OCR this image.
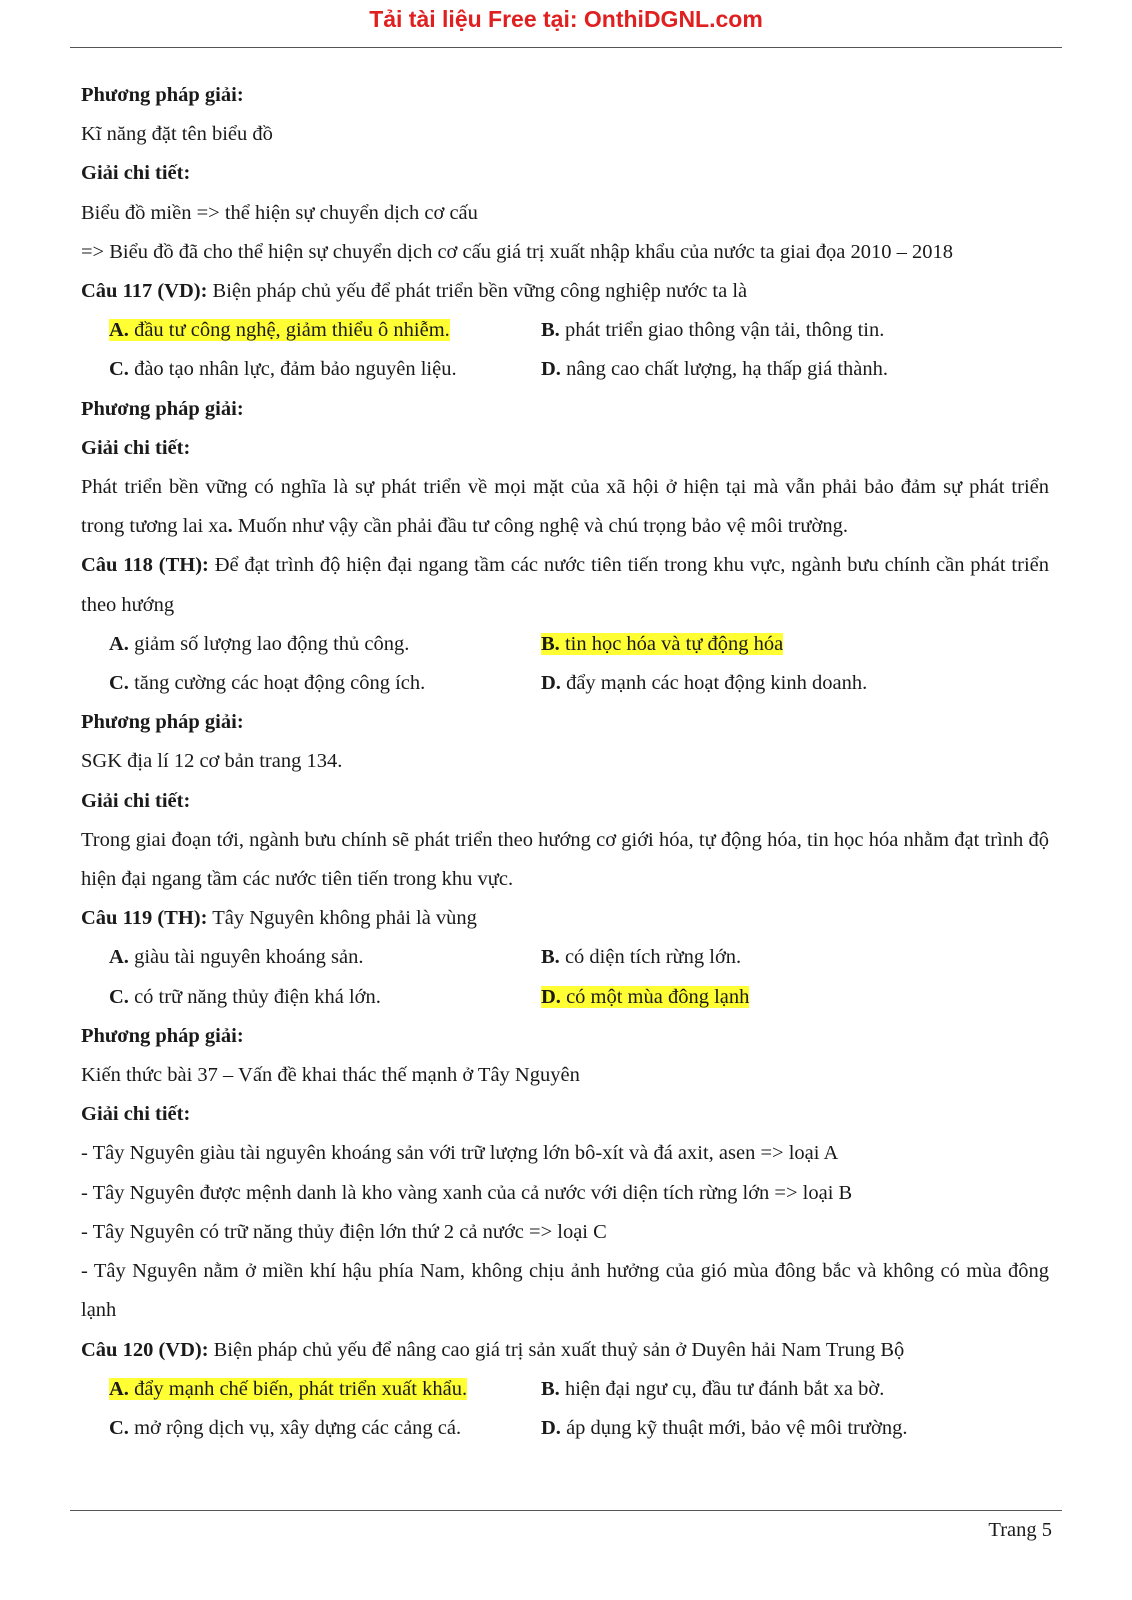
Tải tài liệu Free tại: OnthiDGNL.com
Phương pháp giải:
Kĩ năng đặt tên biểu đồ
Giải chi tiết:
Biểu đồ miền => thể hiện sự chuyển dịch cơ cấu
=> Biểu đồ đã cho thể hiện sự chuyển dịch cơ cấu giá trị xuất nhập khẩu của nước ta giai đọa 2010 – 2018
Câu 117 (VD): Biện pháp chủ yếu để phát triển bền vững công nghiệp nước ta là
A. đầu tư công nghệ, giảm thiểu ô nhiễm.	B. phát triển giao thông vận tải, thông tin.
C. đào tạo nhân lực, đảm bảo nguyên liệu.	D. nâng cao chất lượng, hạ thấp giá thành.
Phương pháp giải:
Giải chi tiết:
Phát triển bền vững có nghĩa là sự phát triển về mọi mặt của xã hội ở hiện tại mà vẫn phải bảo đảm sự phát triển trong tương lai xa. Muốn như vậy cần phải đầu tư công nghệ và chú trọng bảo vệ môi trường.
Câu 118 (TH): Để đạt trình độ hiện đại ngang tầm các nước tiên tiến trong khu vực, ngành bưu chính cần phát triển theo hướng
A. giảm số lượng lao động thủ công.	B. tin học hóa và tự động hóa
C. tăng cường các hoạt động công ích.	D. đẩy mạnh các hoạt động kinh doanh.
Phương pháp giải:
SGK địa lí 12 cơ bản trang 134.
Giải chi tiết:
Trong giai đoạn tới, ngành bưu chính sẽ phát triển theo hướng cơ giới hóa, tự động hóa, tin học hóa nhằm đạt trình độ hiện đại ngang tầm các nước tiên tiến trong khu vực.
Câu 119 (TH): Tây Nguyên không phải là vùng
A. giàu tài nguyên khoáng sản.	B. có diện tích rừng lớn.
C. có trữ năng thủy điện khá lớn.	D. có một mùa đông lạnh
Phương pháp giải:
Kiến thức bài 37 – Vấn đề khai thác thế mạnh ở Tây Nguyên
Giải chi tiết:
- Tây Nguyên giàu tài nguyên khoáng sản với trữ lượng lớn bô-xít và đá axit, asen => loại A
- Tây Nguyên được mệnh danh là kho vàng xanh của cả nước với diện tích rừng lớn => loại B
- Tây Nguyên có trữ năng thủy điện lớn thứ 2 cả nước => loại C
- Tây Nguyên nằm ở miền khí hậu phía Nam, không chịu ảnh hưởng của gió mùa đông bắc và không có mùa đông lạnh
Câu 120 (VD): Biện pháp chủ yếu để nâng cao giá trị sản xuất thuỷ sản ở Duyên hải Nam Trung Bộ
A. đẩy mạnh chế biến, phát triển xuất khẩu.	B. hiện đại ngư cụ, đầu tư đánh bắt xa bờ.
C. mở rộng dịch vụ, xây dựng các cảng cá.	D. áp dụng kỹ thuật mới, bảo vệ môi trường.
Trang 5
